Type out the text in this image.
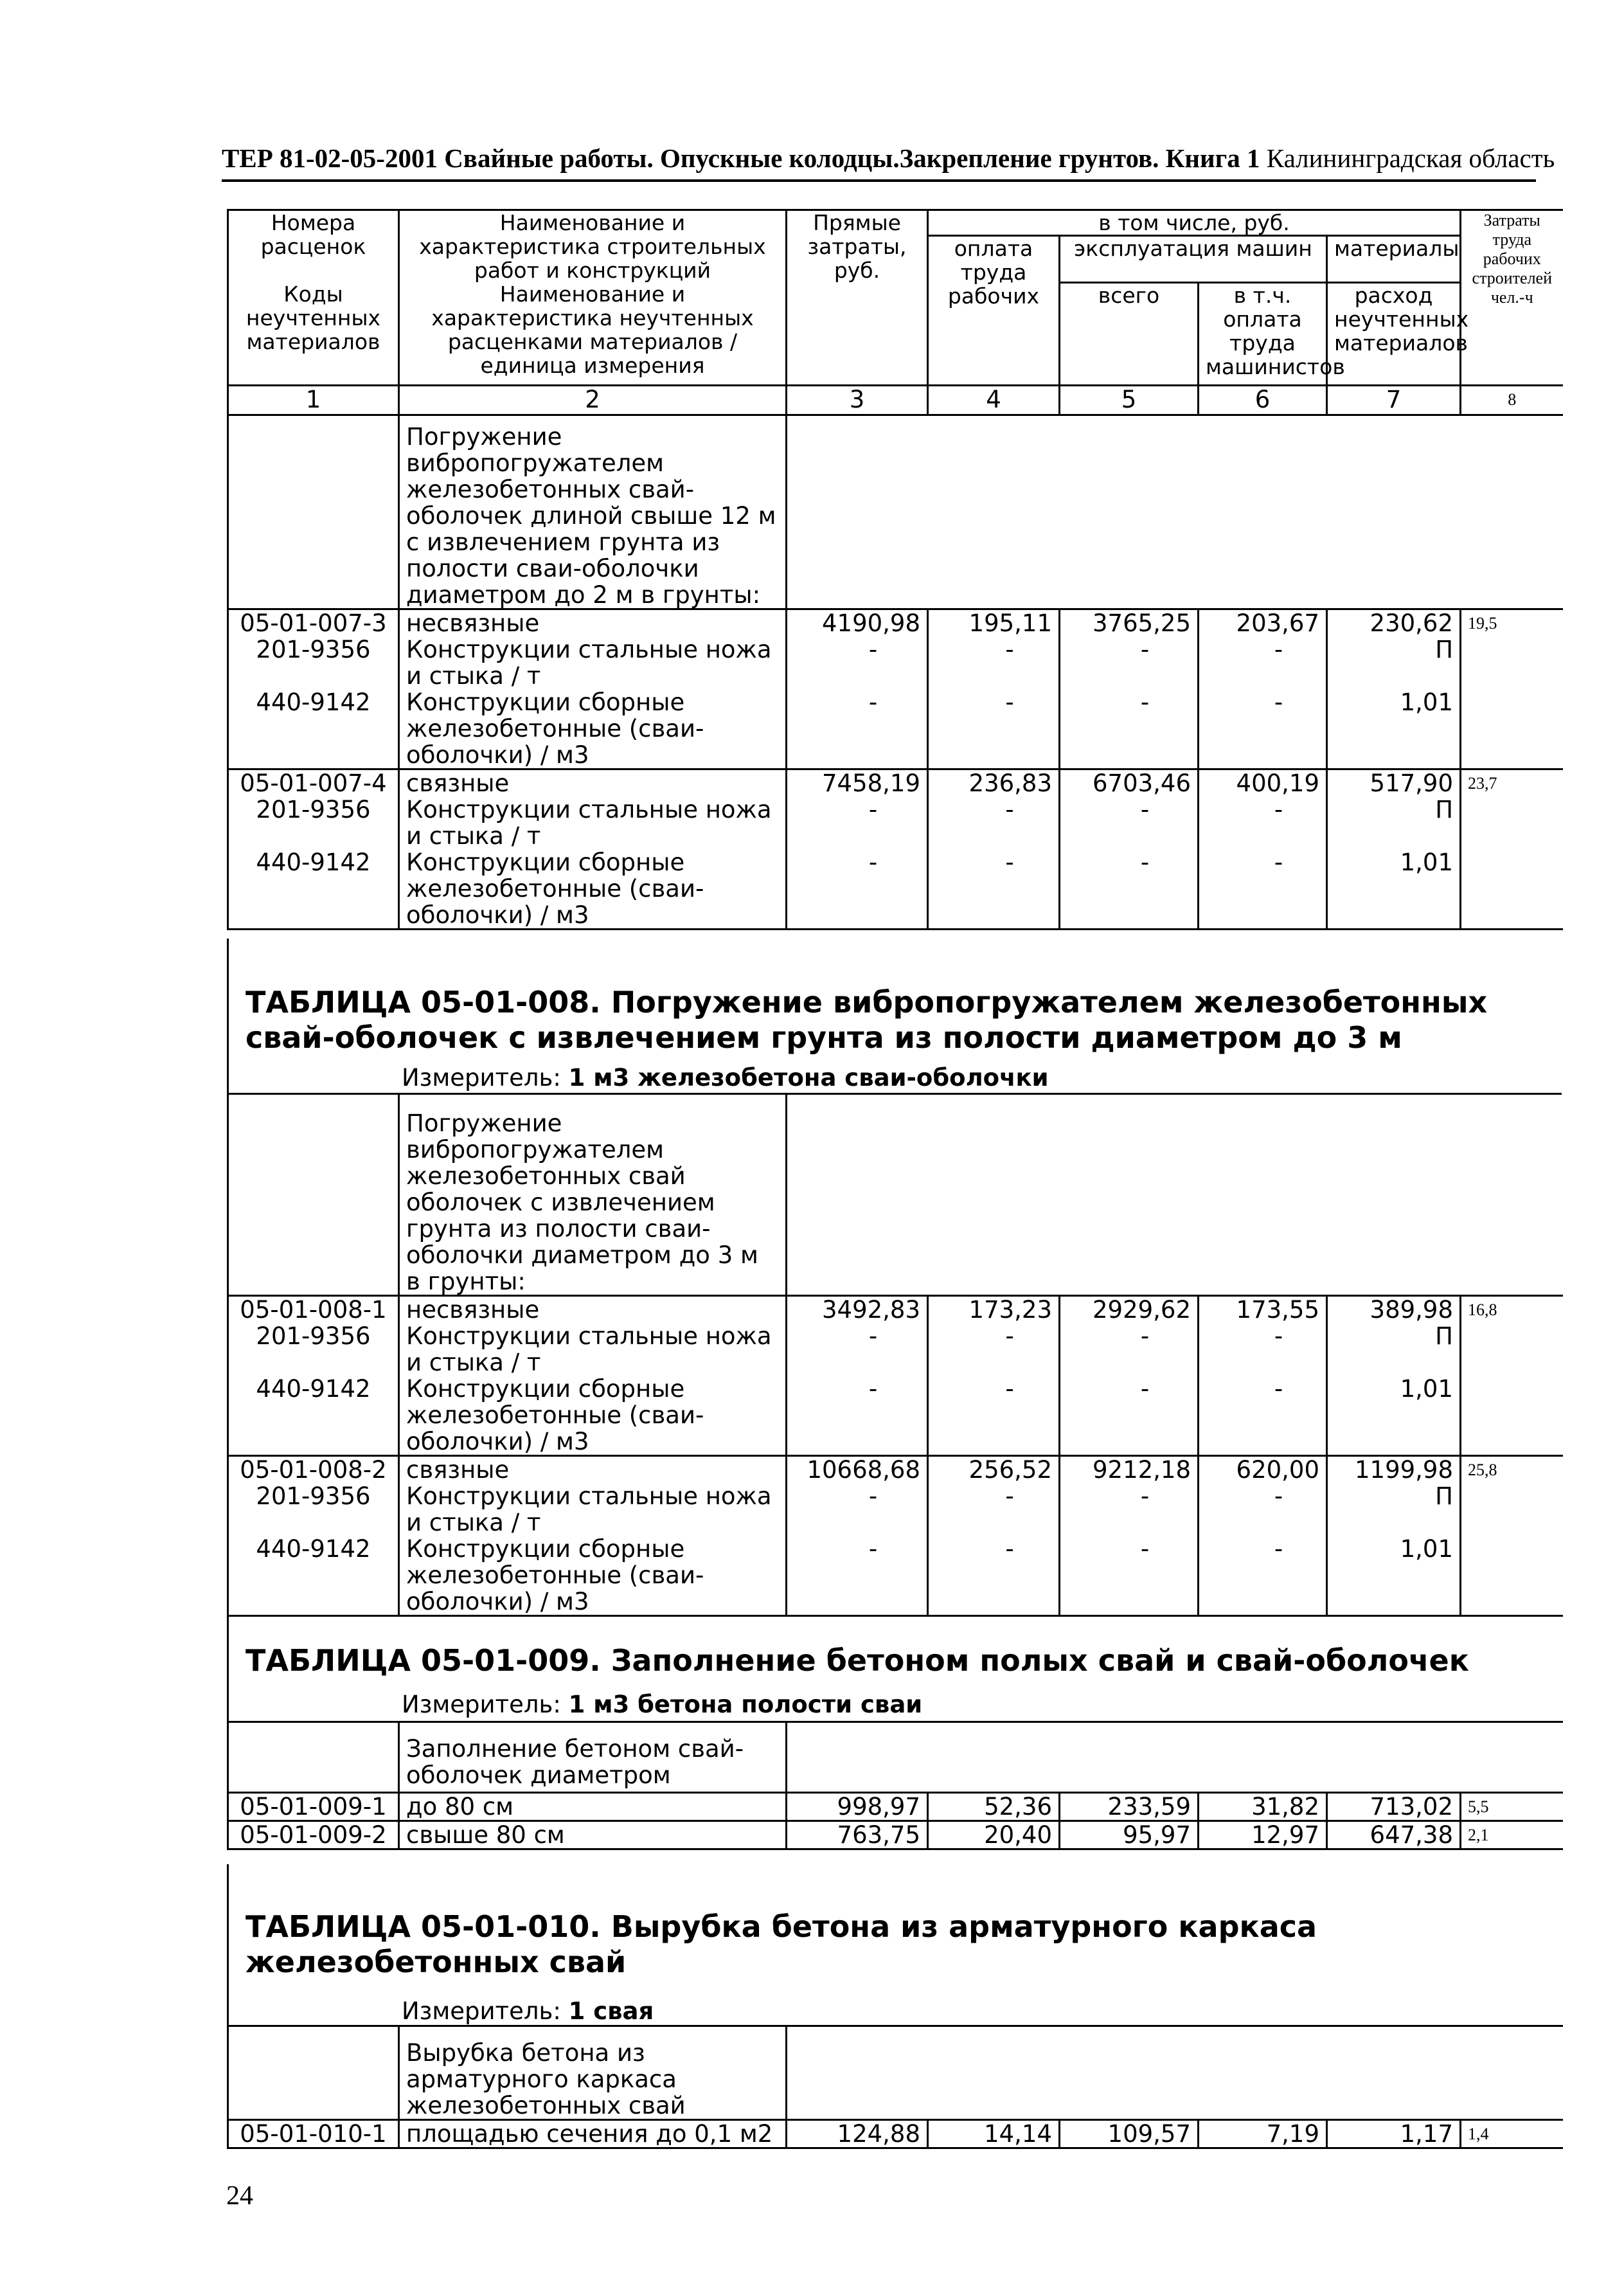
ТЕР 81-02-05-2001 Свайные работы. Опускные колодцы.Закрепление грунтов. Книга 1 Калининградская область
Номера расценок	Наименование и характеристика строительных работ и конструкций	Прямые затраты, руб.	в том числе, руб.				Затраты труда рабочих строителей чел.-ч
			оплата труда рабочих	эксплуатация машин		материалы	
Коды неучтенных материалов	Наименование и характеристика неучтенных расценками материалов / единица измерения			всего	в т.ч. оплата труда машинистов	расход неучтенных материалов	

1	2	3	4	5	6	7	8
	Погружение вибропогружателем железобетонных свай-оболочек длиной свыше 12 м с извлечением грунта из полости сваи-оболочки диаметром до 2 м в грунты:						
05-01-007-3	несвязные	4190,98	195,11	3765,25	203,67	230,62	19,5
201-9356	Конструкции стальные ножа и стыка / т	-	-	-	-	П	
440-9142	Конструкции сборные железобетонные (сваи-оболочки) / м3	-	-	-	-	1,01	
05-01-007-4	связные	7458,19	236,83	6703,46	400,19	517,90	23,7
201-9356	Конструкции стальные ножа и стыка / т	-	-	-	-	П	
440-9142	Конструкции сборные железобетонные (сваи-оболочки) / м3	-	-	-	-	1,01	
ТАБЛИЦА 05-01-008. Погружение вибропогружателем железобетонных свай-оболочек с извлечением грунта из полости диаметром до 3 м
Измеритель: 1 м3 железобетона сваи-оболочки
	Погружение вибропогружателем железобетонных свай оболочек с извлечением грунта из полости сваи-оболочки диаметром до 3 м в грунты:						
05-01-008-1	несвязные	3492,83	173,23	2929,62	173,55	389,98	16,8
201-9356	Конструкции стальные ножа и стыка / т	-	-	-	-	П	
440-9142	Конструкции сборные железобетонные (сваи-оболочки) / м3	-	-	-	-	1,01	
05-01-008-2	связные	10668,68	256,52	9212,18	620,00	1199,98	25,8
201-9356	Конструкции стальные ножа и стыка / т	-	-	-	-	П	
440-9142	Конструкции сборные железобетонные (сваи-оболочки) / м3	-	-	-	-	1,01	
ТАБЛИЦА 05-01-009. Заполнение бетоном полых свай и свай-оболочек
Измеритель: 1 м3 бетона полости сваи
	Заполнение бетоном свай-оболочек диаметром						
05-01-009-1	до 80 см	998,97	52,36	233,59	31,82	713,02	5,5
05-01-009-2	свыше 80 см	763,75	20,40	95,97	12,97	647,38	2,1
ТАБЛИЦА 05-01-010. Вырубка бетона из арматурного каркаса железобетонных свай
Измеритель: 1 свая
	Вырубка бетона из арматурного каркаса железобетонных свай						
05-01-010-1	площадью сечения до 0,1 м2	124,88	14,14	109,57	7,19	1,17	1,4
24
